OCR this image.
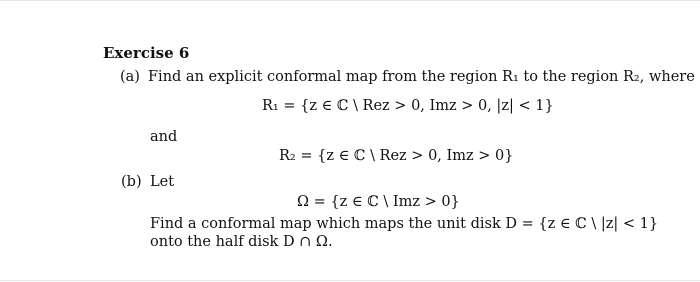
Exercise 6
(a) Find an explicit conformal map from the region R₁ to the region R₂, where
R₁ = {z ∈ ℂ \ Rez > 0, Imz > 0, |z| < 1}
and
R₂ = {z ∈ ℂ \ Rez > 0, Imz > 0}
(b) Let
Ω = {z ∈ ℂ \ Imz > 0}
Find a conformal map which maps the unit disk D = {z ∈ ℂ \ |z| < 1}
onto the half disk D ∩ Ω.
